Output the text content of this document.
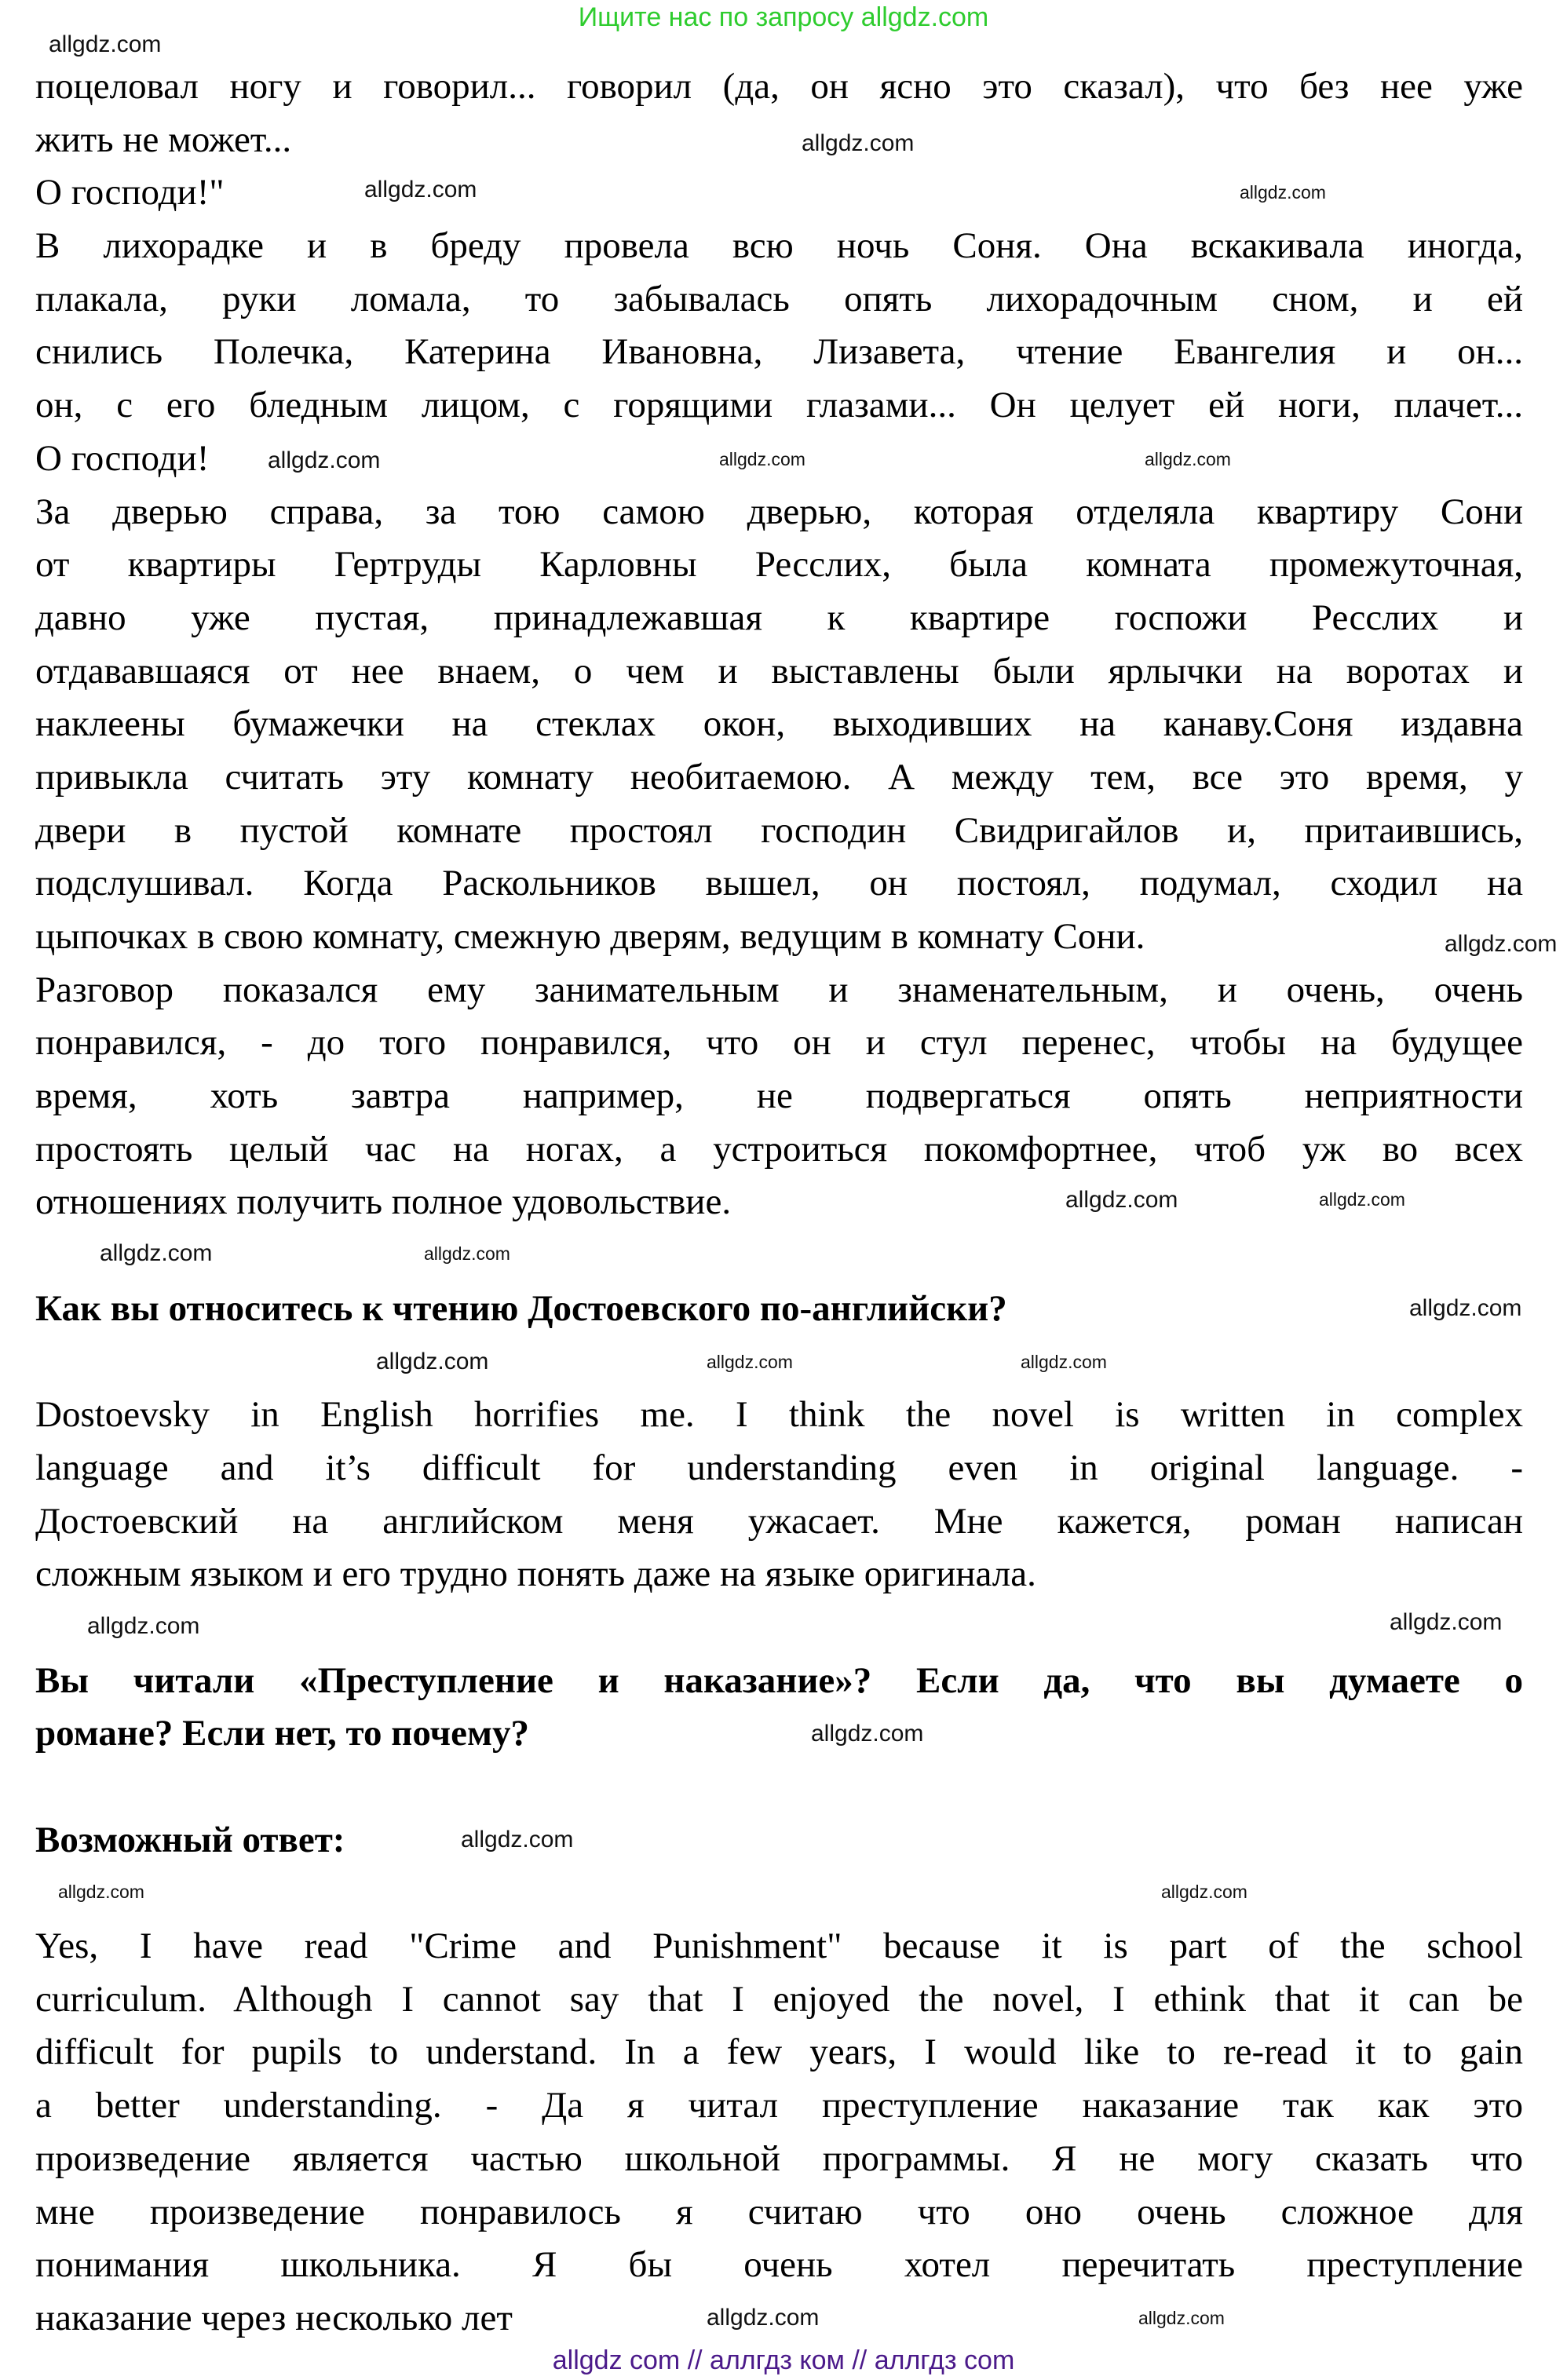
Ищите нас по запросу allgdz.com
поцеловал ногу и говорил... говорил (да, он ясно это сказал), что без нее уже
жить не может...
О господи!"
В лихорадке и в бреду провела всю ночь Соня. Она вскакивала иногда,
плакала, руки ломала, то забывалась опять лихорадочным сном, и ей
снились Полечка, Катерина Ивановна, Лизавета, чтение Евангелия и он...
он, с его бледным лицом, с горящими глазами... Он целует ей ноги, плачет...
О господи!
За дверью справа, за тою самою дверью, которая отделяла квартиру Сони
от квартиры Гертруды Карловны Ресслих, была комната промежуточная,
давно уже пустая, принадлежавшая к квартире госпожи Ресслих и
отдававшаяся от нее внаем, о чем и выставлены были ярлычки на воротах и
наклеены бумажечки на стеклах окон, выходивших на канаву.Соня издавна
привыкла считать эту комнату необитаемою. А между тем, все это время, у
двери в пустой комнате простоял господин Свидригайлов и, притаившись,
подслушивал. Когда Раскольников вышел, он постоял, подумал, сходил на
цыпочках в свою комнату, смежную дверям, ведущим в комнату Сони.
Разговор показался ему занимательным и знаменательным, и очень, очень
понравился, - до того понравился, что он и стул перенес, чтобы на будущее
время, хоть завтра например, не подвергаться опять неприятности
простоять целый час на ногах, а устроиться покомфортнее, чтоб уж во всех
отношениях получить полное удовольствие.
Как вы относитесь к чтению Достоевского по-английски?
Dostoevsky in English horrifies me. I think the novel is written in complex
language and it’s difficult for understanding even in original language. -
Достоевский на английском меня ужасает. Мне кажется, роман написан
сложным языком и его трудно понять даже на языке оригинала.
Вы читали «Преступление и наказание»? Если да, что вы думаете о
романе? Если нет, то почему?
Возможный ответ:
Yes, I have read "Crime and Punishment" because it is part of the school
curriculum. Although I cannot say that I enjoyed the novel, I ethink that it can be
difficult for pupils to understand. In a few years, I would like to re-read it to gain
a better understanding. - Да я читал преступление наказание так как это
произведение является частью школьной программы. Я не могу сказать что
мне произведение понравилось я считаю что оно очень сложное для
понимания школьника. Я бы очень хотел перечитать преступление
наказание через несколько лет
allgdz.com
allgdz.com
allgdz.com	allgdz.com
allgdz.com	allgdz.com
allgdz.com
allgdz.com
allgdz.com
allgdz.com
allgdz.com
allgdz.com
allgdz.com
allgdz.com
allgdz.com	allgdz.com
allgdz.com
allgdz.com
allgdz.com
allgdz.com
allgdz.com
allgdz.com	allgdz.com
allgdz.com
allgdz com // аллгдз ком // аллгдз com
